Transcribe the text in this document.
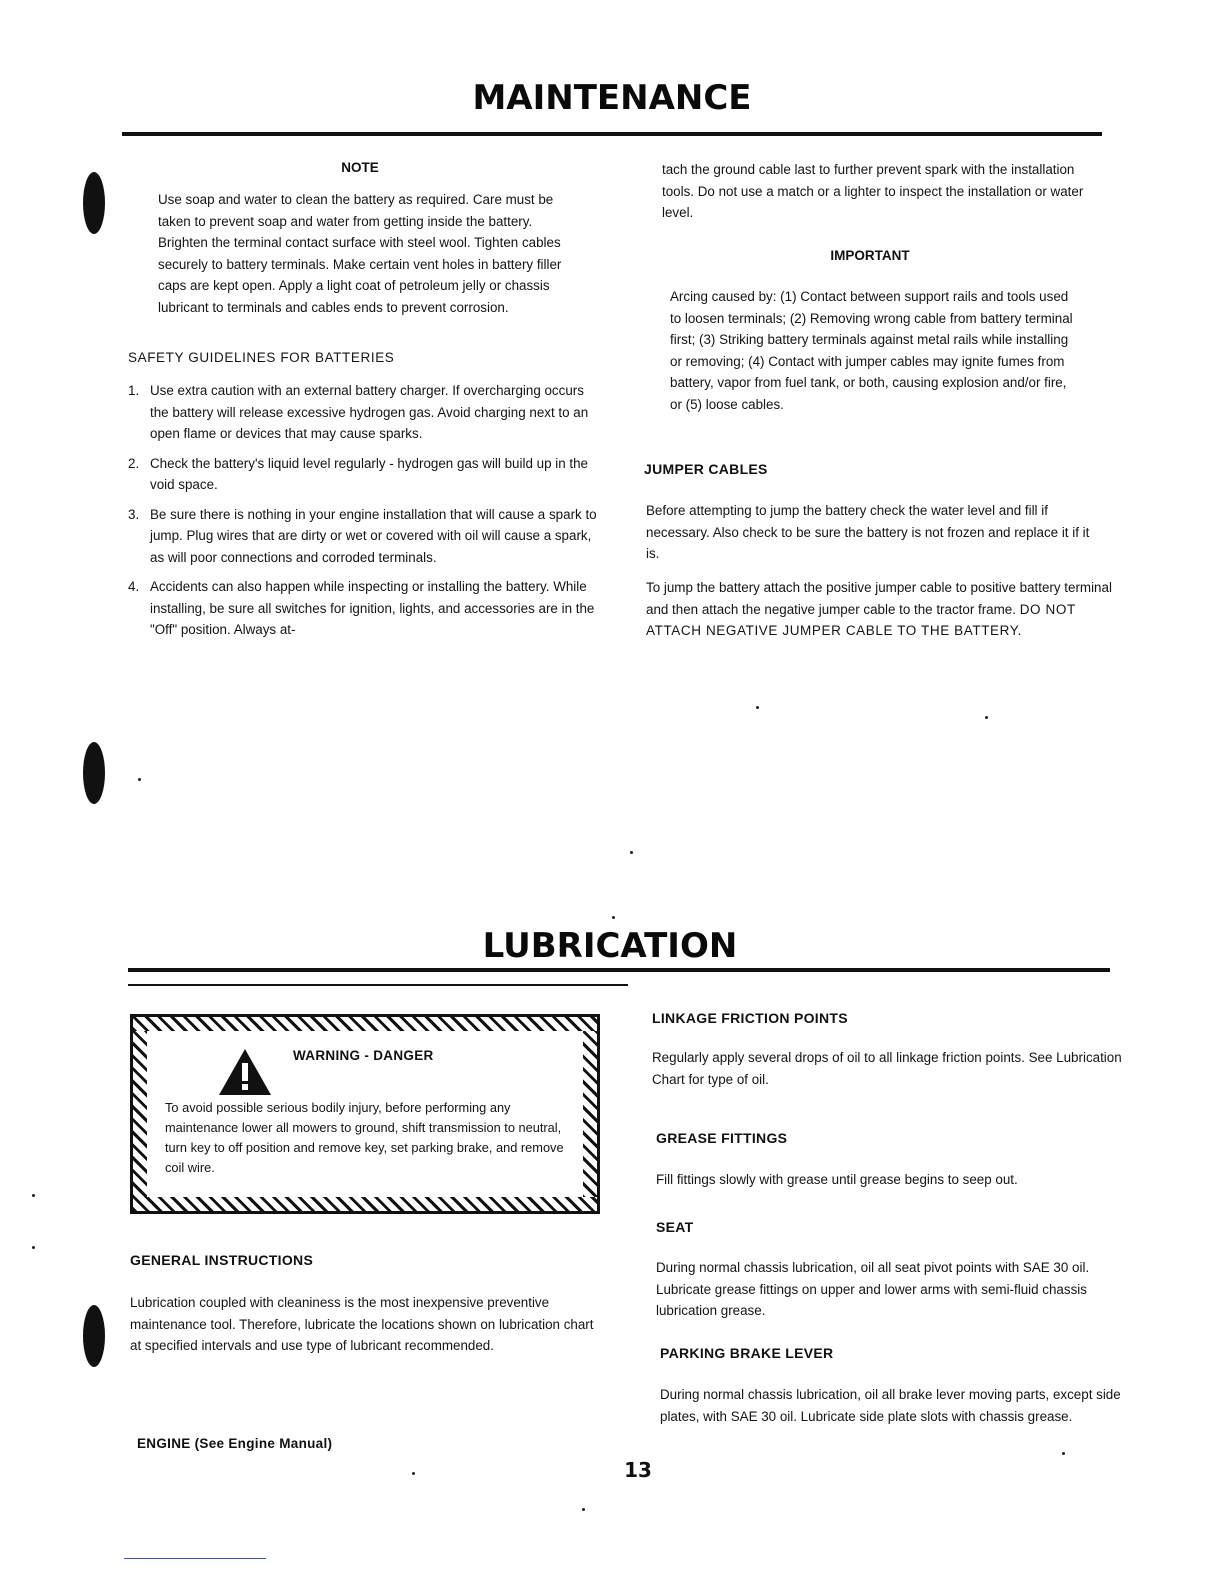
MAINTENANCE
NOTE

Use soap and water to clean the battery as required. Care must be taken to prevent soap and water from getting inside the battery. Brighten the terminal contact surface with steel wool. Tighten cables securely to battery terminals. Make certain vent holes in battery filler caps are kept open. Apply a light coat of petroleum jelly or chassis lubricant to terminals and cables ends to prevent corrosion.

SAFETY GUIDELINES FOR BATTERIES
1. Use extra caution with an external battery charger. If overcharging occurs the battery will release excessive hydrogen gas. Avoid charging next to an open flame or devices that may cause sparks.
2. Check the battery's liquid level regularly - hydrogen gas will build up in the void space.
3. Be sure there is nothing in your engine installation that will cause a spark to jump. Plug wires that are dirty or wet or covered with oil will cause a spark, as will poor connections and corroded terminals.
4. Accidents can also happen while inspecting or installing the battery. While installing, be sure all switches for ignition, lights, and accessories are in the "Off" position. Always at-

tach the ground cable last to further prevent spark with the installation tools. Do not use a match or a lighter to inspect the installation or water level.

IMPORTANT

Arcing caused by: (1) Contact between support rails and tools used to loosen terminals; (2) Removing wrong cable from battery terminal first; (3) Striking battery terminals against metal rails while installing or removing; (4) Contact with jumper cables may ignite fumes from battery, vapor from fuel tank, or both, causing explosion and/or fire, or (5) loose cables.

JUMPER CABLES

Before attempting to jump the battery check the water level and fill if necessary. Also check to be sure the battery is not frozen and replace it if it is.

To jump the battery attach the positive jumper cable to positive battery terminal and then attach the negative jumper cable to the tractor frame. DO NOT ATTACH NEGATIVE JUMPER CABLE TO THE BATTERY.

LUBRICATION
WARNING - DANGER

To avoid possible serious bodily injury, before performing any maintenance lower all mowers to ground, shift transmission to neutral, turn key to off position and remove key, set parking brake, and remove coil wire.

GENERAL INSTRUCTIONS

Lubrication coupled with cleaniness is the most inexpensive preventive maintenance tool. Therefore, lubricate the locations shown on lubrication chart at specified intervals and use type of lubricant recommended.

ENGINE (See Engine Manual)
LINKAGE FRICTION POINTS

Regularly apply several drops of oil to all linkage friction points. See Lubrication Chart for type of oil.

GREASE FITTINGS

Fill fittings slowly with grease until grease begins to seep out.

SEAT

During normal chassis lubrication, oil all seat pivot points with SAE 30 oil. Lubricate grease fittings on upper and lower arms with semi-fluid chassis lubrication grease.

PARKING BRAKE LEVER

During normal chassis lubrication, oil all brake lever moving parts, except side plates, with SAE 30 oil. Lubricate side plate slots with chassis grease.

13
